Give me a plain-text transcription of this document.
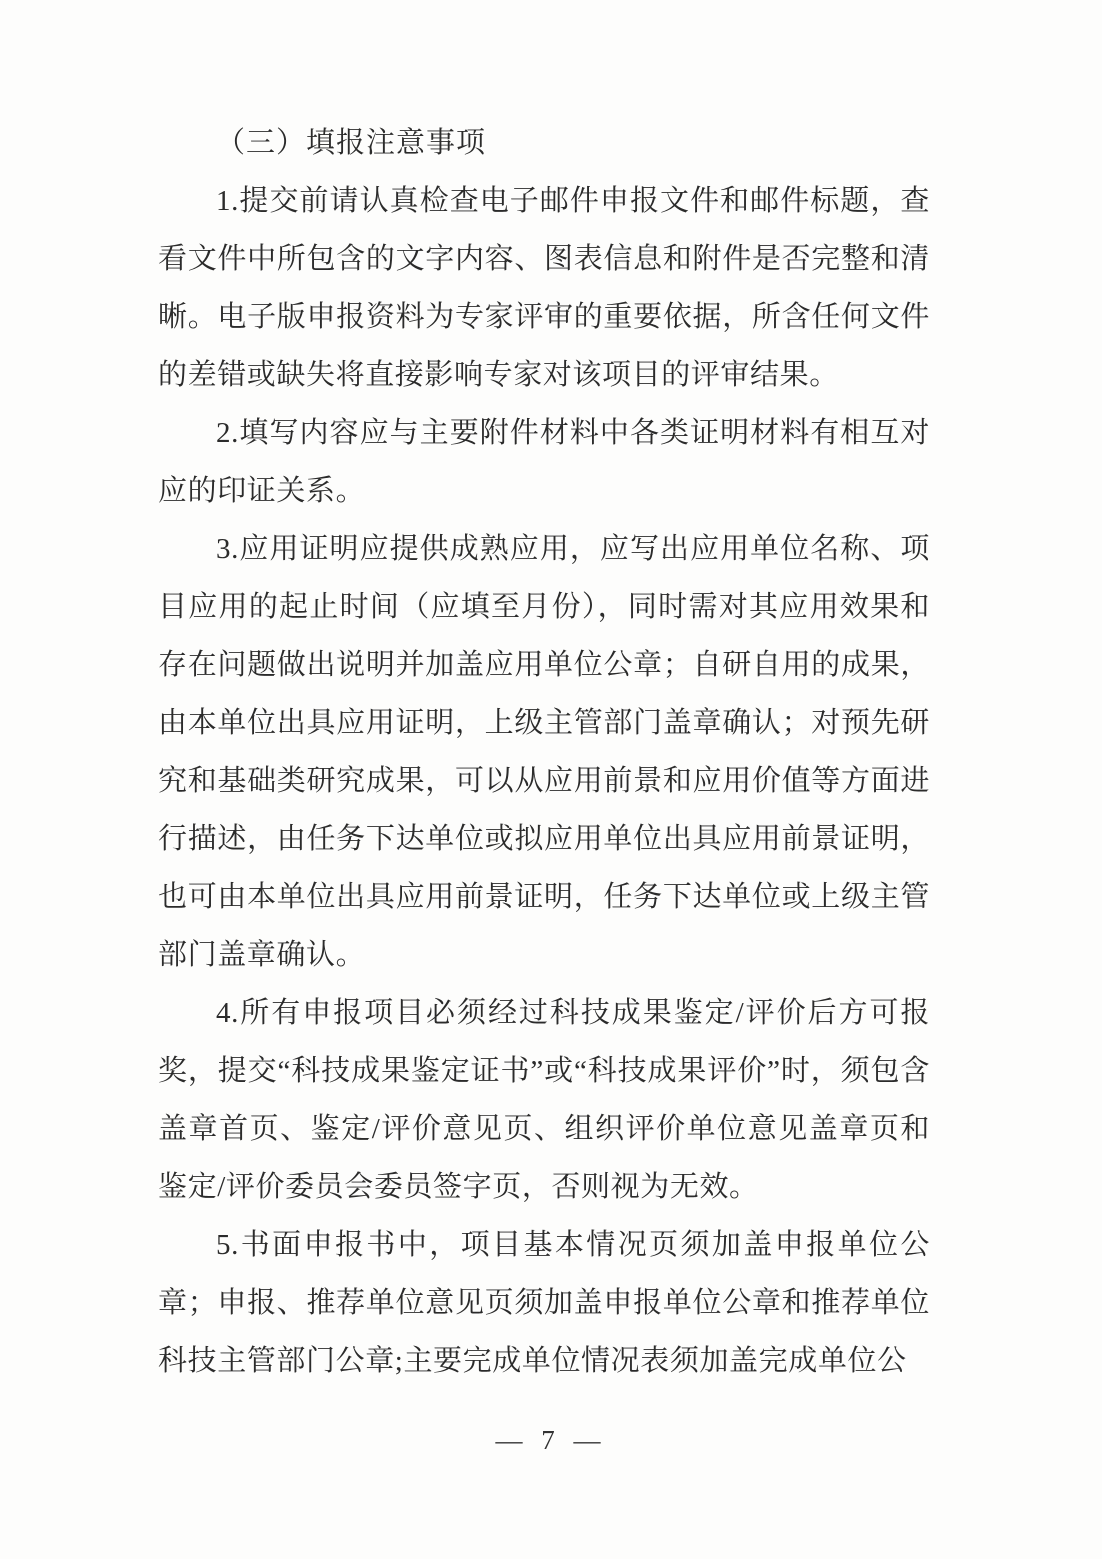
（三）填报注意事项

1.提交前请认真检查电子邮件申报文件和邮件标题，查看文件中所包含的文字内容、图表信息和附件是否完整和清晰。电子版申报资料为专家评审的重要依据，所含任何文件的差错或缺失将直接影响专家对该项目的评审结果。

2.填写内容应与主要附件材料中各类证明材料有相互对应的印证关系。

3.应用证明应提供成熟应用，应写出应用单位名称、项目应用的起止时间（应填至月份），同时需对其应用效果和存在问题做出说明并加盖应用单位公章；自研自用的成果，由本单位出具应用证明，上级主管部门盖章确认；对预先研究和基础类研究成果，可以从应用前景和应用价值等方面进行描述，由任务下达单位或拟应用单位出具应用前景证明，也可由本单位出具应用前景证明，任务下达单位或上级主管部门盖章确认。

4.所有申报项目必须经过科技成果鉴定/评价后方可报奖，提交“科技成果鉴定证书”或“科技成果评价”时，须包含盖章首页、鉴定/评价意见页、组织评价单位意见盖章页和鉴定/评价委员会委员签字页，否则视为无效。

5.书面申报书中，项目基本情况页须加盖申报单位公章；申报、推荐单位意见页须加盖申报单位公章和推荐单位科技主管部门公章;主要完成单位情况表须加盖完成单位公

— 7 —
